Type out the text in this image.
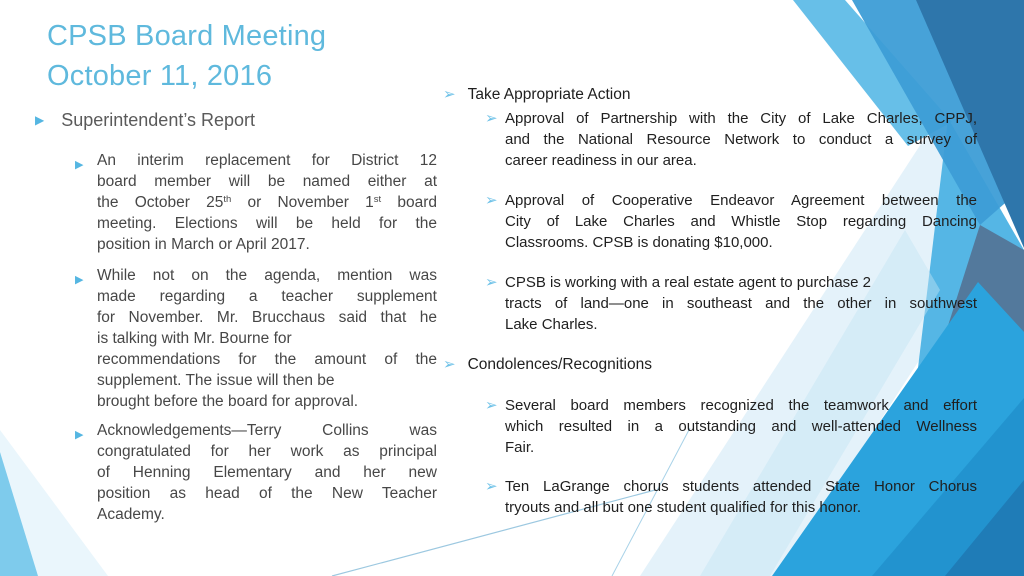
CPSB Board Meeting
October 11, 2016
▶ Superintendent’s Report
▶ An interim replacement for District 12
board member will be named either at
the October 25th or November 1st board
meeting. Elections will be held for the
position in March or April 2017.
▶ While not on the agenda, mention was
made regarding a teacher supplement
for November. Mr. Brucchaus said that he
is talking with Mr. Bourne for
recommendations for the amount of the
supplement. The issue will then be
brought before the board for approval.
▶ Acknowledgements—Terry Collins was
congratulated for her work as principal
of Henning Elementary and her new
position as head of the New Teacher
Academy.
➢ Take Appropriate Action
➢ Approval of Partnership with the City of Lake Charles, CPPJ,
and the National Resource Network to conduct a survey of
career readiness in our area.
➢ Approval of Cooperative Endeavor Agreement between the
City of Lake Charles and Whistle Stop regarding Dancing
Classrooms. CPSB is donating $10,000.
➢ CPSB is working with a real estate agent to purchase 2
tracts of land—one in southeast and the other in southwest
Lake Charles.
➢ Condolences/Recognitions
➢ Several board members recognized the teamwork and effort
which resulted in a outstanding and well-attended Wellness
Fair.
➢ Ten LaGrange chorus students attended State Honor Chorus
tryouts and all but one student qualified for this honor.
